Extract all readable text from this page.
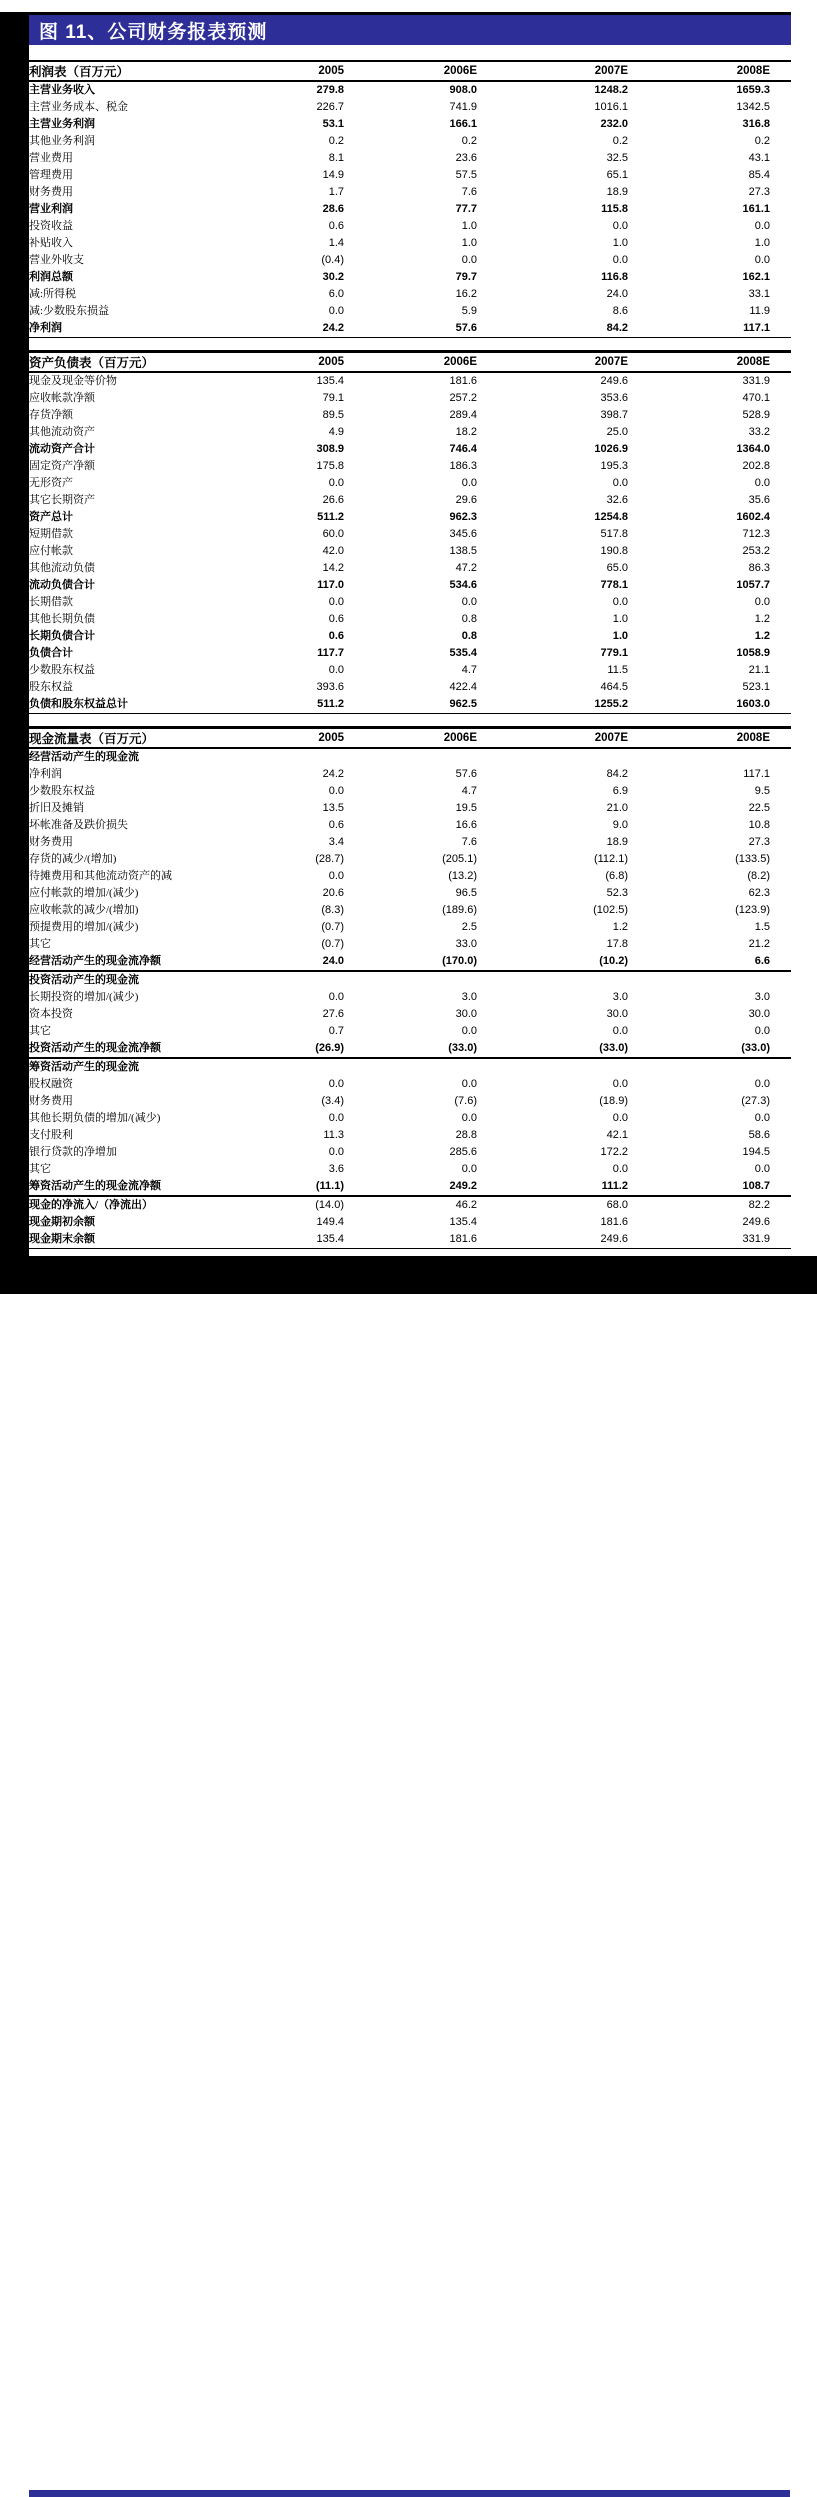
图 11、公司财务报表预测
利润表（百万元）	2005	2006E	2007E	2008E	
主营业务收入	279.8	908.0	1248.2	1659.3	
主营业务成本、税金	226.7	741.9	1016.1	1342.5	
主营业务利润	53.1	166.1	232.0	316.8	
其他业务利润	0.2	0.2	0.2	0.2	
营业费用	8.1	23.6	32.5	43.1	
管理费用	14.9	57.5	65.1	85.4	
财务费用	1.7	7.6	18.9	27.3	
营业利润	28.6	77.7	115.8	161.1	
投资收益	0.6	1.0	0.0	0.0	
补贴收入	1.4	1.0	1.0	1.0	
营业外收支	(0.4)	0.0	0.0	0.0	
利润总额	30.2	79.7	116.8	162.1	
减:所得税	6.0	16.2	24.0	33.1	
减:少数股东损益	0.0	5.9	8.6	11.9	
净利润	24.2	57.6	84.2	117.1	
资产负债表（百万元）	2005	2006E	2007E	2008E	
现金及现金等价物	135.4	181.6	249.6	331.9	
应收帐款净额	79.1	257.2	353.6	470.1	
存货净额	89.5	289.4	398.7	528.9	
其他流动资产	4.9	18.2	25.0	33.2	
流动资产合计	308.9	746.4	1026.9	1364.0	
固定资产净额	175.8	186.3	195.3	202.8	
无形资产	0.0	0.0	0.0	0.0	
其它长期资产	26.6	29.6	32.6	35.6	
资产总计	511.2	962.3	1254.8	1602.4	
短期借款	60.0	345.6	517.8	712.3	
应付帐款	42.0	138.5	190.8	253.2	
其他流动负债	14.2	47.2	65.0	86.3	
流动负债合计	117.0	534.6	778.1	1057.7	
长期借款	0.0	0.0	0.0	0.0	
其他长期负债	0.6	0.8	1.0	1.2	
长期负债合计	0.6	0.8	1.0	1.2	
负债合计	117.7	535.4	779.1	1058.9	
少数股东权益	0.0	4.7	11.5	21.1	
股东权益	393.6	422.4	464.5	523.1	
负债和股东权益总计	511.2	962.5	1255.2	1603.0	
现金流量表（百万元）	2005	2006E	2007E	2008E	
经营活动产生的现金流					
净利润	24.2	57.6	84.2	117.1	
少数股东权益	0.0	4.7	6.9	9.5	
折旧及摊销	13.5	19.5	21.0	22.5	
坏帐准备及跌价损失	0.6	16.6	9.0	10.8	
财务费用	3.4	7.6	18.9	27.3	
存货的减少/(增加)	(28.7)	(205.1)	(112.1)	(133.5)	
待摊费用和其他流动资产的减	0.0	(13.2)	(6.8)	(8.2)	
应付帐款的增加/(减少)	20.6	96.5	52.3	62.3	
应收帐款的减少/(增加)	(8.3)	(189.6)	(102.5)	(123.9)	
预提费用的增加/(减少)	(0.7)	2.5	1.2	1.5	
其它	(0.7)	33.0	17.8	21.2	
经营活动产生的现金流净额	24.0	(170.0)	(10.2)	6.6	
投资活动产生的现金流					
长期投资的增加/(减少)	0.0	3.0	3.0	3.0	
资本投资	27.6	30.0	30.0	30.0	
其它	0.7	0.0	0.0	0.0	
投资活动产生的现金流净额	(26.9)	(33.0)	(33.0)	(33.0)	
筹资活动产生的现金流					
股权融资	0.0	0.0	0.0	0.0	
财务费用	(3.4)	(7.6)	(18.9)	(27.3)	
其他长期负债的增加/(减少)	0.0	0.0	0.0	0.0	
支付股利	11.3	28.8	42.1	58.6	
银行贷款的净增加	0.0	285.6	172.2	194.5	
其它	3.6	0.0	0.0	0.0	
筹资活动产生的现金流净额	(11.1)	249.2	111.2	108.7	
现金的净流入/（净流出）	(14.0)	46.2	68.0	82.2	
现金期初余额	149.4	135.4	181.6	249.6	
现金期末余额	135.4	181.6	249.6	331.9	
